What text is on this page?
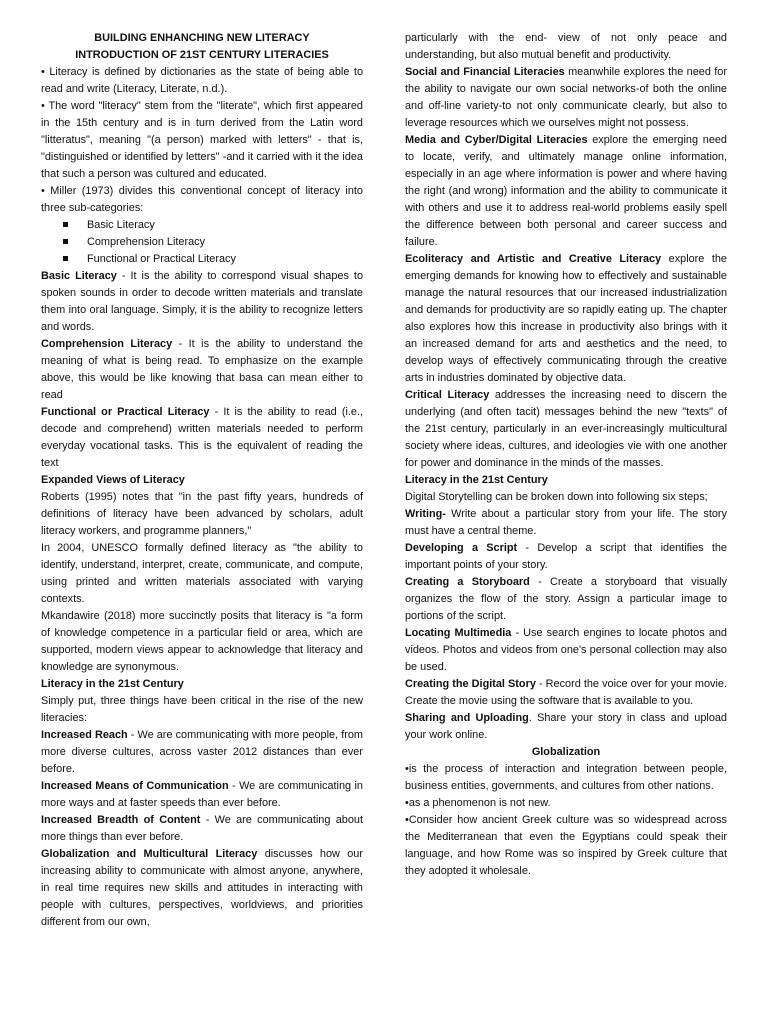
BUILDING ENHANCHING NEW LITERACY

INTRODUCTION OF 21ST CENTURY LITERACIES

• Literacy is defined by dictionaries as the state of being able to read and write (Literacy, Literate, n.d.).

• The word "literacy" stem from the "literate", which first appeared in the 15th century and is in turn derived from the Latin word "litteratus", meaning "(a person) marked with letters" - that is, "distinguished or identified by letters" -and it carried with it the idea that such a person was cultured and educated.

• Miller (1973) divides this conventional concept of literacy into three sub-categories:

Basic Literacy
Comprehension Literacy
Functional or Practical Literacy

Basic Literacy - It is the ability to correspond visual shapes to spoken sounds in order to decode written materials and translate them into oral language. Simply, it is the ability to recognize letters and words.

Comprehension Literacy - It is the ability to understand the meaning of what is being read. To emphasize on the example above, this would be like knowing that basa can mean either to read

Functional or Practical Literacy - It is the ability to read (i.e., decode and comprehend) written materials needed to perform everyday vocational tasks. This is the equivalent of reading the text

Expanded Views of Literacy

Roberts (1995) notes that "in the past fifty years, hundreds of definitions of literacy have been advanced by scholars, adult literacy workers, and programme planners,"

In 2004, UNESCO formally defined literacy as "the ability to identify, understand, interpret, create, communicate, and compute, using printed and written materials associated with varying contexts.

Mkandawire (2018) more succinctly posits that literacy is "a form of knowledge competence in a particular field or area, which are supported, modern views appear to acknowledge that literacy and knowledge are synonymous.

Literacy in the 21st Century

Simply put, three things have been critical in the rise of the new literacies:

Increased Reach - We are communicating with more people, from more diverse cultures, across vaster 2012 distances than ever before.

Increased Means of Communication - We are communicating in more ways and at faster speeds than ever before.

Increased Breadth of Content - We are communicating about more things than ever before.

Globalization and Multicultural Literacy discusses how our increasing ability to communicate with almost anyone, anywhere, in real time requires new skills and attitudes in interacting with people with cultures, perspectives, worldviews, and priorities different from our own,

particularly with the end- view of not only peace and understanding, but also mutual benefit and productivity.

Social and Financial Literacies meanwhile explores the need for the ability to navigate our own social networks-of both the online and off-line variety-to not only communicate clearly, but also to leverage resources which we ourselves might not possess.

Media and Cyber/Digital Literacies explore the emerging need to locate, verify, and ultimately manage online information, especially in an age where information is power and where having the right (and wrong) information and the ability to communicate it with others and use it to address real-world problems easily spell the difference between both personal and career success and failure.

Ecoliteracy and Artistic and Creative Literacy explore the emerging demands for knowing how to effectively and sustainable manage the natural resources that our increased industrialization and demands for productivity are so rapidly eating up. The chapter also explores how this increase in productivity also brings with it an increased demand for arts and aesthetics and the need, to develop ways of effectively communicating through the creative arts in industries dominated by objective data.

Critical Literacy addresses the increasing need to discern the underlying (and often tacit) messages behind the new "texts" of the 21st century, particularly in an ever-increasingly multicultural society where ideas, cultures, and ideologies vie with one another for power and dominance in the minds of the masses.

Literacy in the 21st Century

Digital Storytelling can be broken down into following six steps;

Writing- Write about a particular story from your life. The story must have a central theme.

Developing a Script - Develop a script that identifies the important points of your story.

Creating a Storyboard - Create a storyboard that visually organizes the flow of the story. Assign a particular image to portions of the script.

Locating Multimedia - Use search engines to locate photos and videos. Photos and videos from one's personal collection may also be used.

Creating the Digital Story - Record the voice over for your movie. Create the movie using the software that is available to you.

Sharing and Uploading. Share your story in class and upload your work online.

Globalization

•is the process of interaction and integration between people, business entities, governments, and cultures from other nations.

•as a phenomenon is not new.

•Consider how ancient Greek culture was so widespread across the Mediterranean that even the Egyptians could speak their language, and how Rome was so inspired by Greek culture that they adopted it wholesale.
